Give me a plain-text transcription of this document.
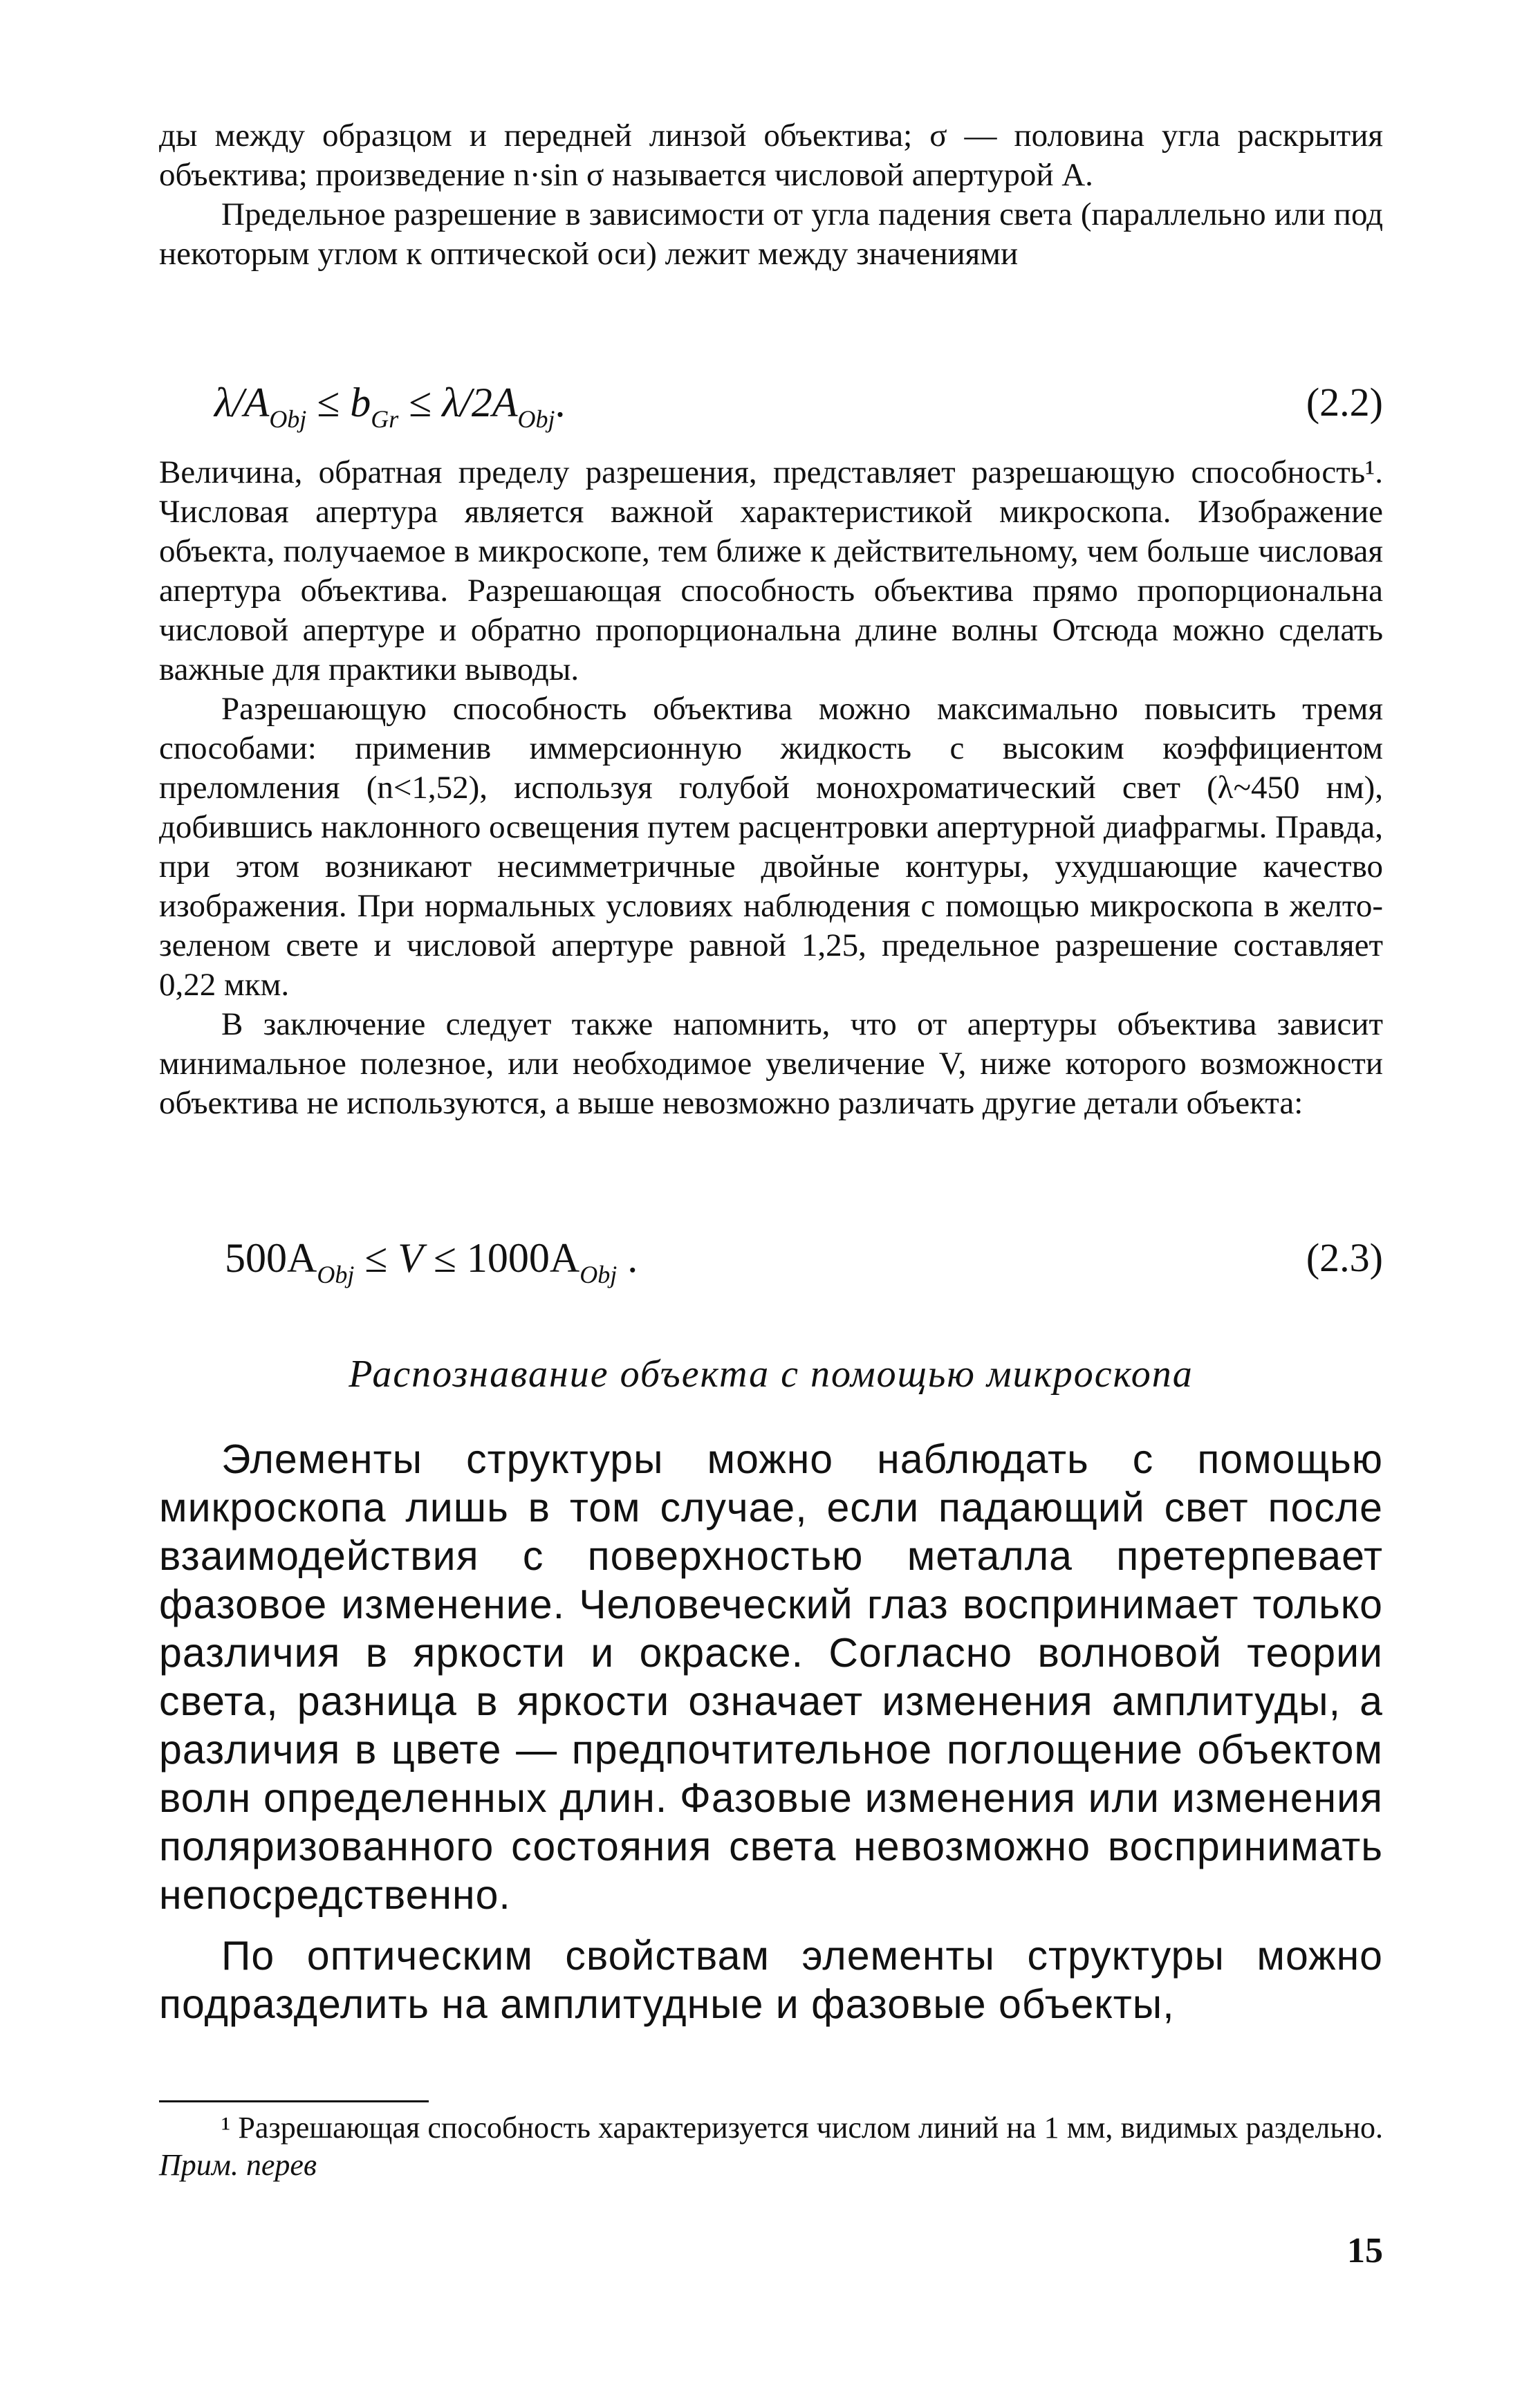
ды между образцом и передней линзой объектива; σ — половина угла раскрытия объектива; произведение n·sin σ называется числовой апертурой A.

Предельное разрешение в зависимости от угла падения света (параллельно или под некоторым углом к оптической оси) лежит между значениями

$\lambda/A_{Obj} \le b_{Gr} \le \lambda/2A_{Obj}$.	(2.2)

Величина, обратная пределу разрешения, представляет разрешающую способность¹. Числовая апертура является важной характеристикой микроскопа. Изображение объекта, получаемое в микроскопе, тем ближе к действительному, чем больше числовая апертура объектива. Разрешающая способность объектива прямо пропорциональна числовой апертуре и обратно пропорциональна длине волны Отсюда можно сделать важные для практики выводы.

Разрешающую способность объектива можно максимально повысить тремя способами: применив иммерсионную жидкость с высоким коэффициентом преломления (n<1,52), используя голубой монохроматический свет (λ~450 нм), добившись наклонного освещения путем расцентровки апертурной диафрагмы. Правда, при этом возникают несимметричные двойные контуры, ухудшающие качество изображения. При нормальных условиях наблюдения с помощью микроскопа в желто-зеленом свете и числовой апертуре равной 1,25, предельное разрешение составляет 0,22 мкм.

В заключение следует также напомнить, что от апертуры объектива зависит минимальное полезное, или необходимое увеличение V, ниже которого возможности объектива не используются, а выше невозможно различать другие детали объекта:

$500A_{Obj} \le V \le 1000A_{Obj}$ .	(2.3)
Распознавание объекта с помощью микроскопа

Элементы структуры можно наблюдать с помощью микроскопа лишь в том случае, если падающий свет после взаимодействия с поверхностью металла претерпевает фазовое изменение. Человеческий глаз воспринимает только различия в яркости и окраске. Согласно волновой теории света, разница в яркости означает изменения амплитуды, а различия в цвете — предпочтительное поглощение объектом волн определенных длин. Фазовые изменения или изменения поляризованного состояния света невозможно воспринимать непосредственно.

По оптическим свойствам элементы структуры можно подразделить на амплитудные и фазовые объекты,

¹ Разрешающая способность характеризуется числом линий на 1 мм, видимых раздельно. Прим. перев
15
